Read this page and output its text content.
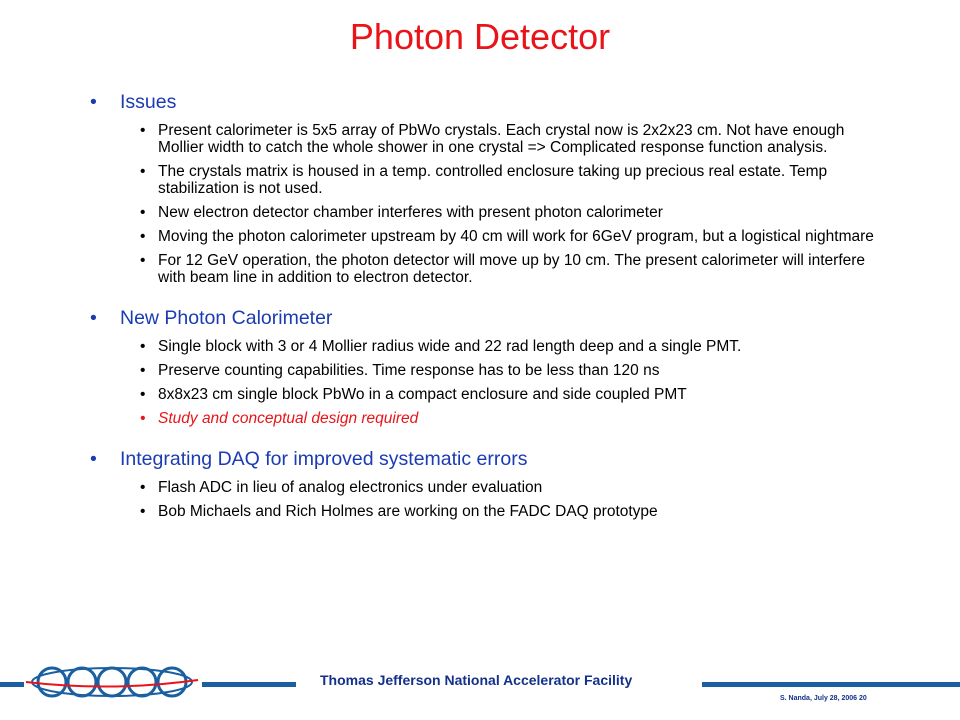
Photon Detector
• Issues
• Present calorimeter is 5x5 array of PbWo crystals. Each crystal now is 2x2x23 cm. Not have enough Mollier width to catch the whole shower in one crystal => Complicated response function analysis.
• The crystals matrix is housed in a temp. controlled enclosure taking up precious real estate. Temp stabilization is not used.
• New electron detector chamber interferes with present photon calorimeter
• Moving the photon calorimeter upstream by 40 cm will work for 6GeV program, but a logistical nightmare
• For 12 GeV operation, the photon detector will move up by 10 cm. The present calorimeter will interfere with beam line in addition to electron detector.
• New Photon Calorimeter
• Single block with 3 or 4 Mollier radius wide and 22 rad length deep and a single PMT.
• Preserve counting capabilities. Time response has to be less than 120 ns
• 8x8x23 cm single block PbWo in a compact enclosure and side coupled PMT
• Study and conceptual design required
• Integrating DAQ for improved systematic errors
• Flash ADC in lieu of analog electronics under evaluation
• Bob Michaels and Rich Holmes are working on the FADC DAQ prototype
Thomas Jefferson National Accelerator Facility
S. Nanda, July 28, 2006 20
